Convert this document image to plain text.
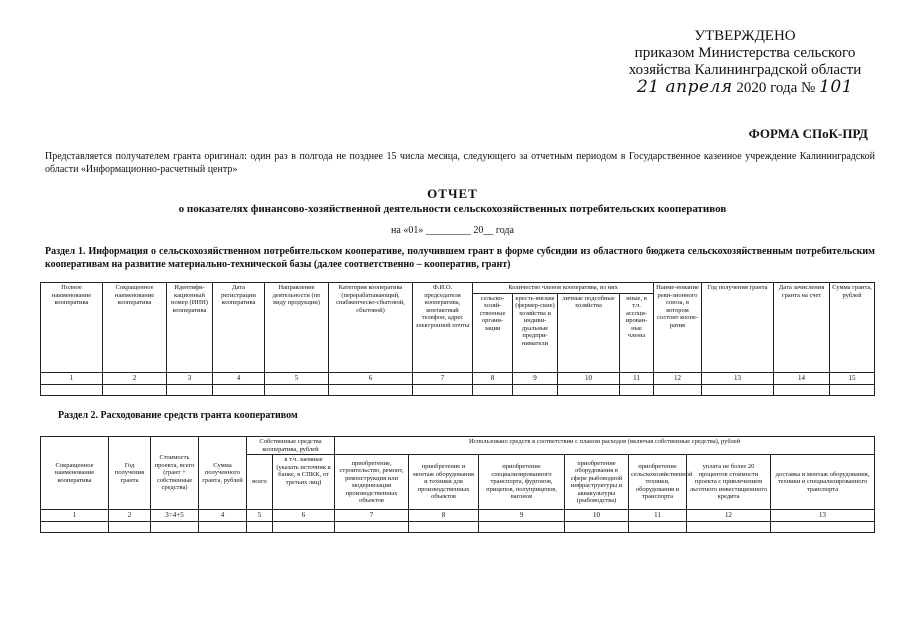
УТВЕРЖДЕНО
приказом Министерства сельского
хозяйства Калининградской области
21 апреля 2020 года № 101
ФОРМА СПоК-ПРД
Представляется получателем гранта оригинал: один раз в полгода не позднее 15 числа месяца, следующего за отчетным периодом в Государственное казенное учреждение Калининградской области «Информационно-расчетный центр»
ОТЧЕТ
о показателях финансово-хозяйственной деятельности сельскохозяйственных потребительских кооперативов
на «01» _________ 20__ года
Раздел 1. Информация о сельскохозяйственном потребительском кооперативе, получившем грант в форме субсидии из областного бюджета сельскохозяйственным потребительским кооперативам на развитие материально-технической базы (далее соответственно – кооператив, грант)
Полное наименование кооператива	Сокращенное наименование кооператива	Идентифи-кационный номер (ИНН) кооператива	Дата регистрации кооператива	Направление деятельности (по виду продукции)	Категория кооператива (перерабатывающий, снабженческо-сбытовой, сбытовой)	Ф.И.О. председателя кооператива, контактный телефон, адрес электронной почты	Количество членов кооператива, из них				Наиме-нование реви-зионного союза, в котором состоит коопе-ратив	Год получения гранта	Дата зачисления гранта на счет	Сумма гранта, рублей
							сельско-хозяй-ственные органи-зации	кресть-янские (фермер-ские) хозяйства и индиви-дуальные предпри-ниматели	личные подсобные хозяйства	иные, в т.ч. ассоци-ирован-ные члены				
1	2	3	4	5	6	7	8	9	10	11	12	13	14	15

Раздел 2. Расходование средств гранта кооперативом
Сокращенное наименование кооператива	Год получения гранта	Стоимость проекта, всего (грант + собственные средства)	Сумма полученного гранта, рублей	Собственные средства кооператива, рублей		Использовано средств в соответствии с планом расходов (включая собственные средства), рублей						
				всего	в т.ч. заемные (указать источник в банке, в СПКК, от третьих лиц)	приобретение, строительство, ремонт, реконструкция или модернизация производственных объектов	приобретение и монтаж оборудования и техники для производственных объектов	приобретение специализированного транспорта, фургонов, прицепов, полуприцепов, вагонов	приобретение оборудования в сфере рыбоводной инфраструктуры и аквакультуры (рыбоводства)	приобретение сельскохозяйственной техники, оборудования и транспорта	уплата не более 20 процентов стоимости проекта с привлечением льготного инвестиционного кредита	доставка и монтаж оборудования, техники и специализированного транспорта
1	2	3=4+5	4	5	6	7	8	9	10	11	12	13
